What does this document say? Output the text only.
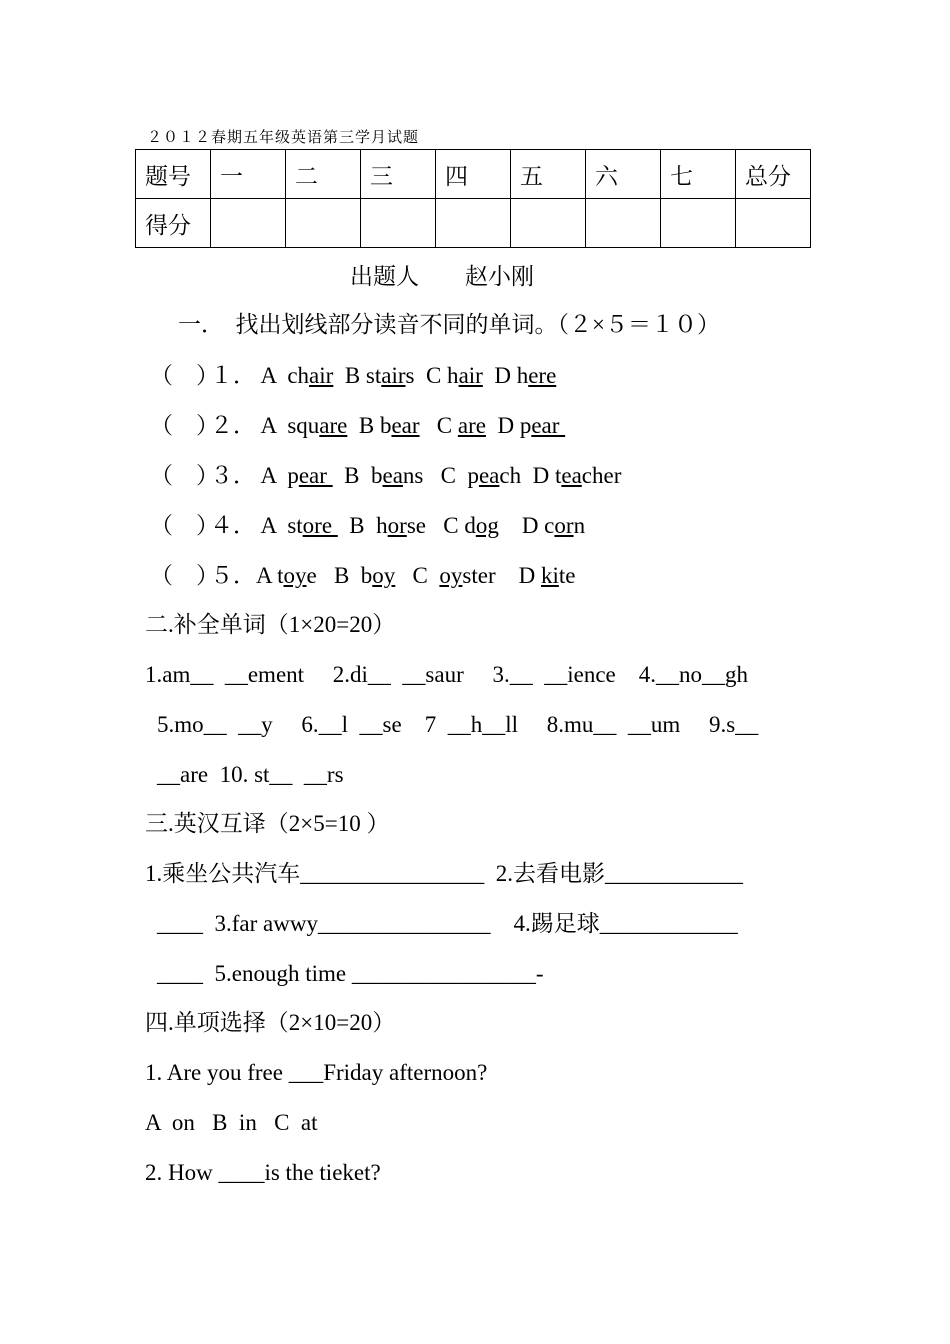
２０１２春期五年级英语第三学月试题
题号	一	二	三	四	五	六	七	总分
得分								
出题人　　赵小刚
一．　找出划线部分读音不同的单词。（２×５＝１０）
（　）１． A  chair  B stairs  C hair  D here
（　）２． A  square  B bear   C are  D pear
（　）３． A  pear   B  beans   C  peach  D teacher
（　）４． A  store   B  horse   C dog    D corn
（　）５．A toye   B  boy   C  oyster    D kite
二.补全单词（1×20=20）
1.am__  __ement     2.di__  __saur     3.__  __ience    4.__no__gh
5.mo__  __y     6.__l  __se    7  __h__ll     8.mu__  __um     9.s__
__are  10. st__  __rs
三.英汉互译（2×5=10 ）
1.乘坐公共汽车________________  2.去看电影____________
____  3.far awwy_______________    4.踢足球____________
____  5.enough time ________________-
四.单项选择（2×10=20）
1. Are you free ___Friday afternoon?
A  on   B  in   C  at
2. How ____is the tieket?
